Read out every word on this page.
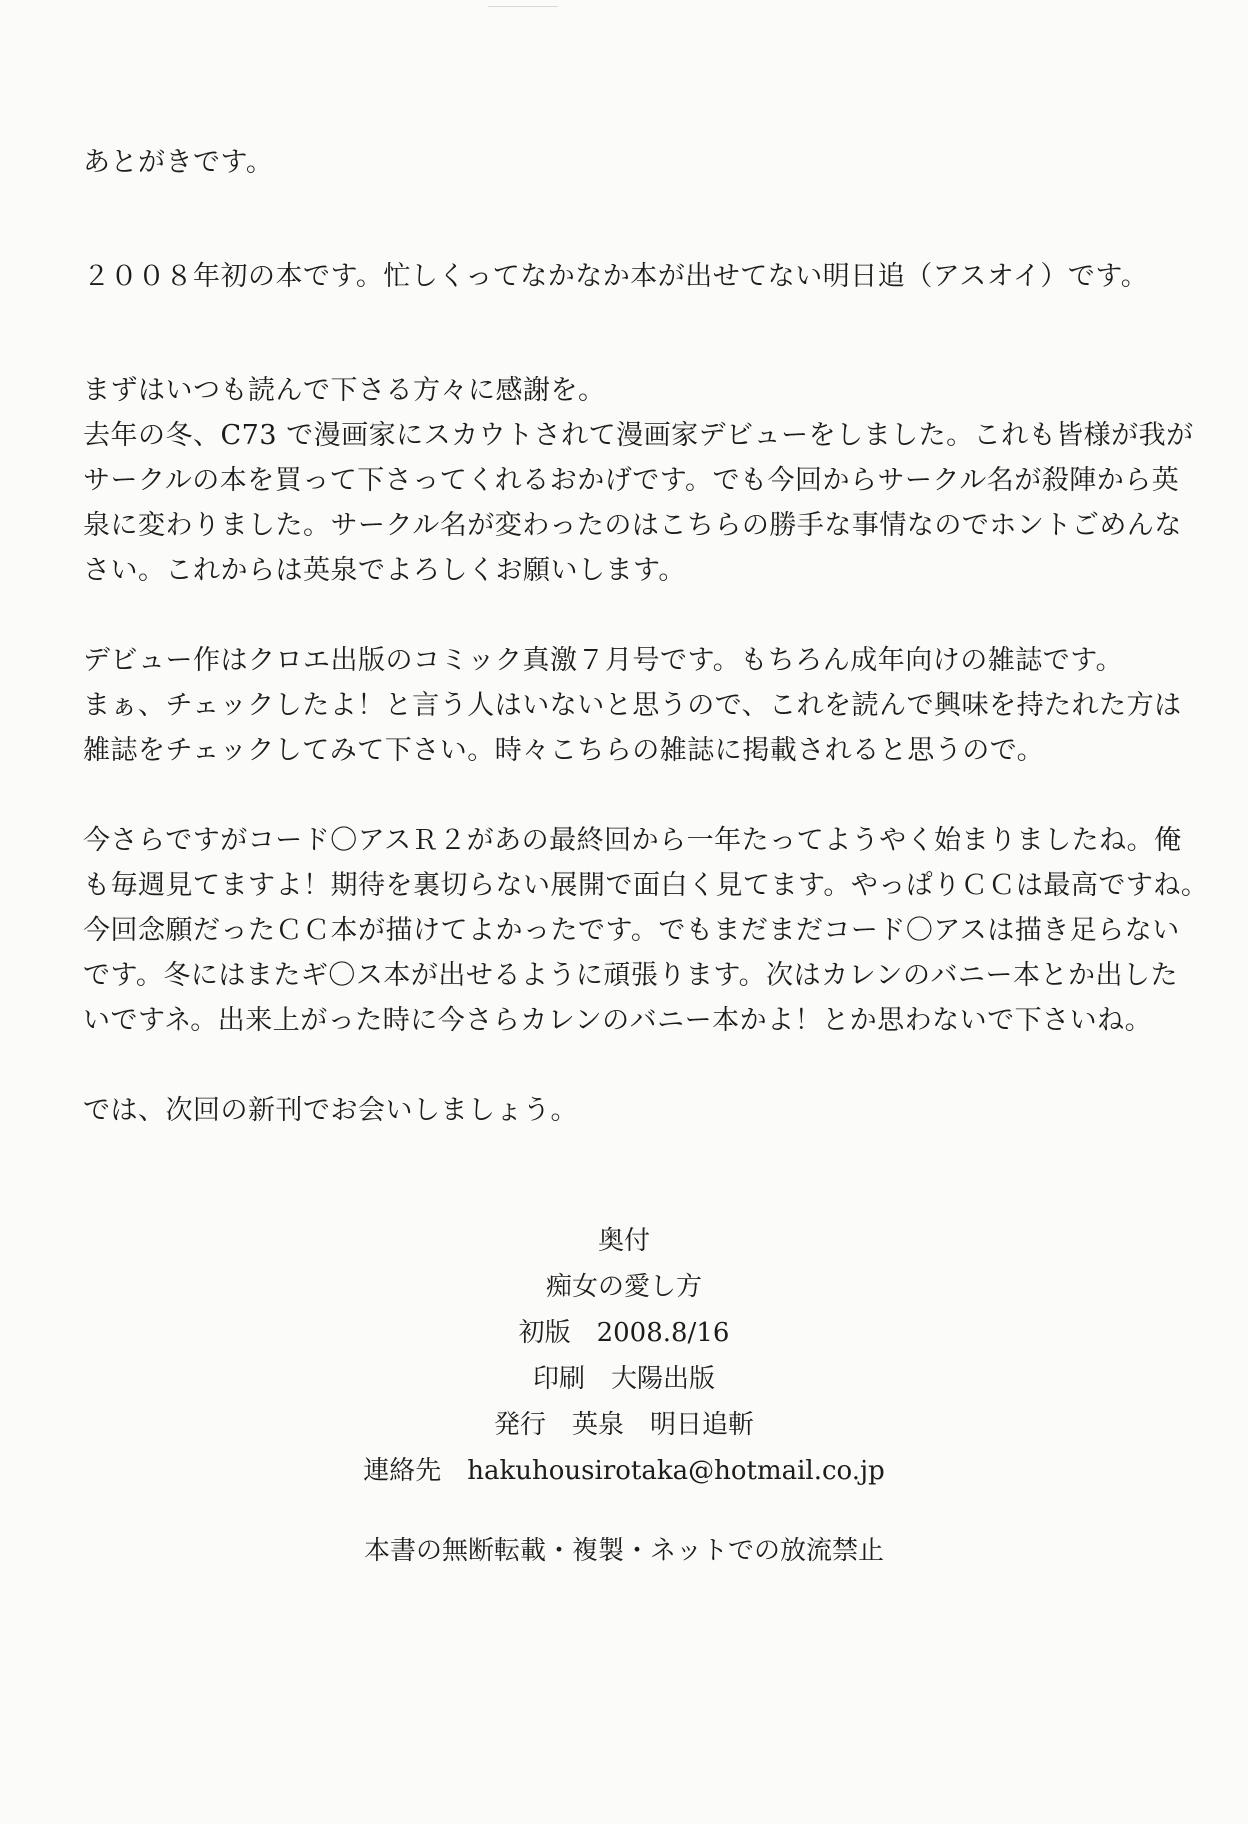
あとがきです。
２００８年初の本です。忙しくってなかなか本が出せてない明日追（アスオイ）です。
まずはいつも読んで下さる方々に感謝を。
去年の冬、C73 で漫画家にスカウトされて漫画家デビューをしました。これも皆様が我が
サークルの本を買って下さってくれるおかげです。でも今回からサークル名が殺陣から英
泉に変わりました。サークル名が変わったのはこちらの勝手な事情なのでホントごめんな
さい。これからは英泉でよろしくお願いします。
デビュー作はクロエ出版のコミック真激７月号です。もちろん成年向けの雑誌です。
まぁ、チェックしたよ！と言う人はいないと思うので、これを読んで興味を持たれた方は
雑誌をチェックしてみて下さい。時々こちらの雑誌に掲載されると思うので。
今さらですがコード〇アスＲ２があの最終回から一年たってようやく始まりましたね。俺
も毎週見てますよ！期待を裏切らない展開で面白く見てます。やっぱりＣＣは最高ですね。
今回念願だったＣＣ本が描けてよかったです。でもまだまだコード〇アスは描き足らない
です。冬にはまたギ〇ス本が出せるように頑張ります。次はカレンのバニー本とか出した
いですネ。出来上がった時に今さらカレンのバニー本かよ！とか思わないで下さいね。
では、次回の新刊でお会いしましょう。
奥付
痴女の愛し方
初版　2008.8/16
印刷　大陽出版
発行　英泉　明日追斬
連絡先　hakuhousirotaka@hotmail.co.jp
本書の無断転載・複製・ネットでの放流禁止
